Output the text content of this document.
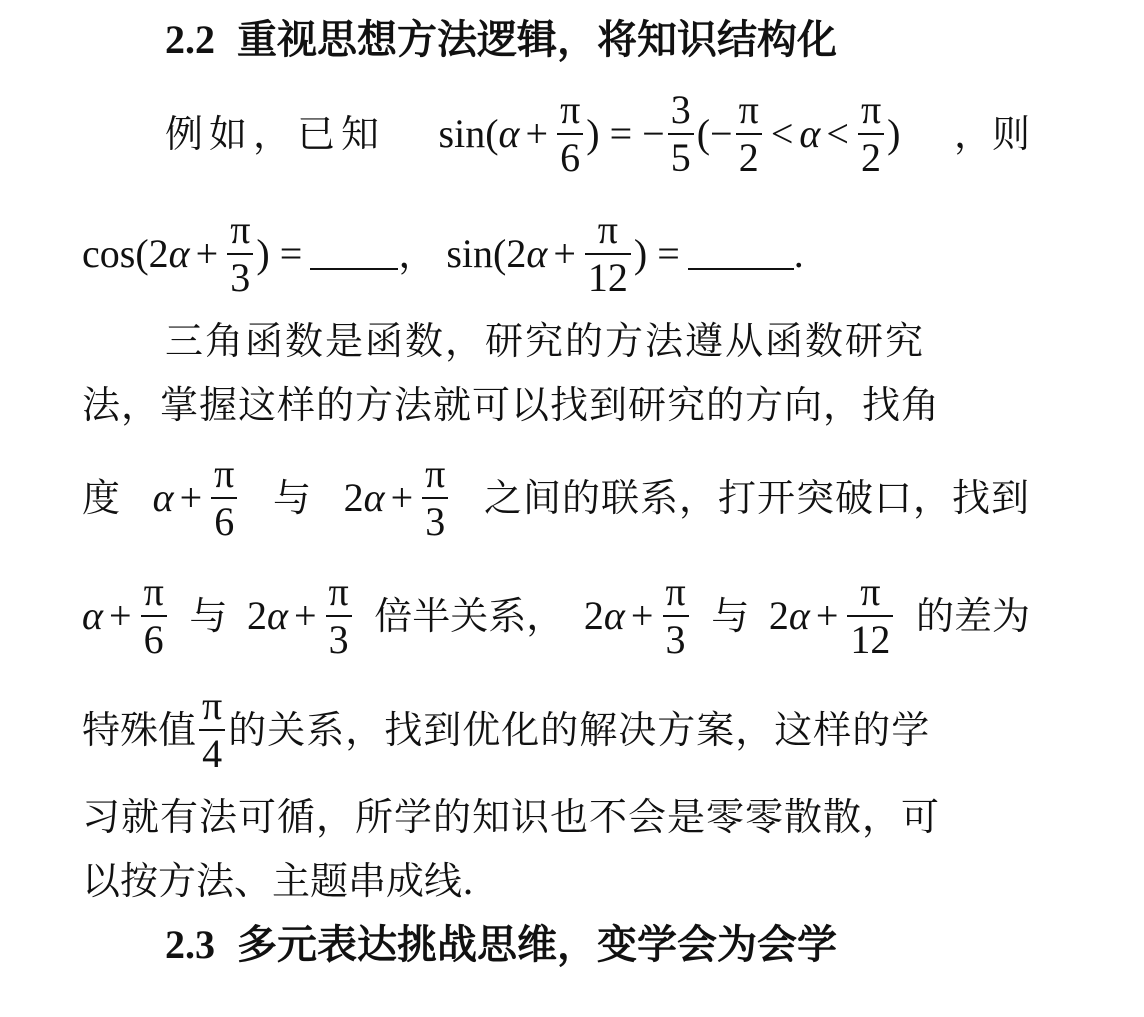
2.2 重视思想方法逻辑，将知识结构化
例如，已知 sin( $\alpha + \frac{\pi}{6}$ ) = − $\frac{3}{5}$ (− $\frac{\pi}{2} < \alpha < \frac{\pi}{2}$ ) ，则
cos(2 $\alpha + \frac{\pi}{3}$ ) =	， sin(2 $\alpha + \frac{\pi}{12}$ ) =	.
三角函数是函数，研究的方法遵从函数研究
法，掌握这样的方法就可以找到研究的方向，找角
度 $\alpha + \frac{\pi}{6}$ 与 2 $\alpha + \frac{\pi}{3}$ 之间的联系，打开突破口，找到
$\alpha + \frac{\pi}{6}$ 与 2 $\alpha + \frac{\pi}{3}$ 倍半关系， 2 $\alpha + \frac{\pi}{3}$ 与 2 $\alpha + \frac{\pi}{12}$ 的差为
特殊值 $\frac{\pi}{4}$ 的关系，找到优化的解决方案，这样的学
习就有法可循，所学的知识也不会是零零散散，可
以按方法、主题串成线.
2.3 多元表达挑战思维，变学会为会学
